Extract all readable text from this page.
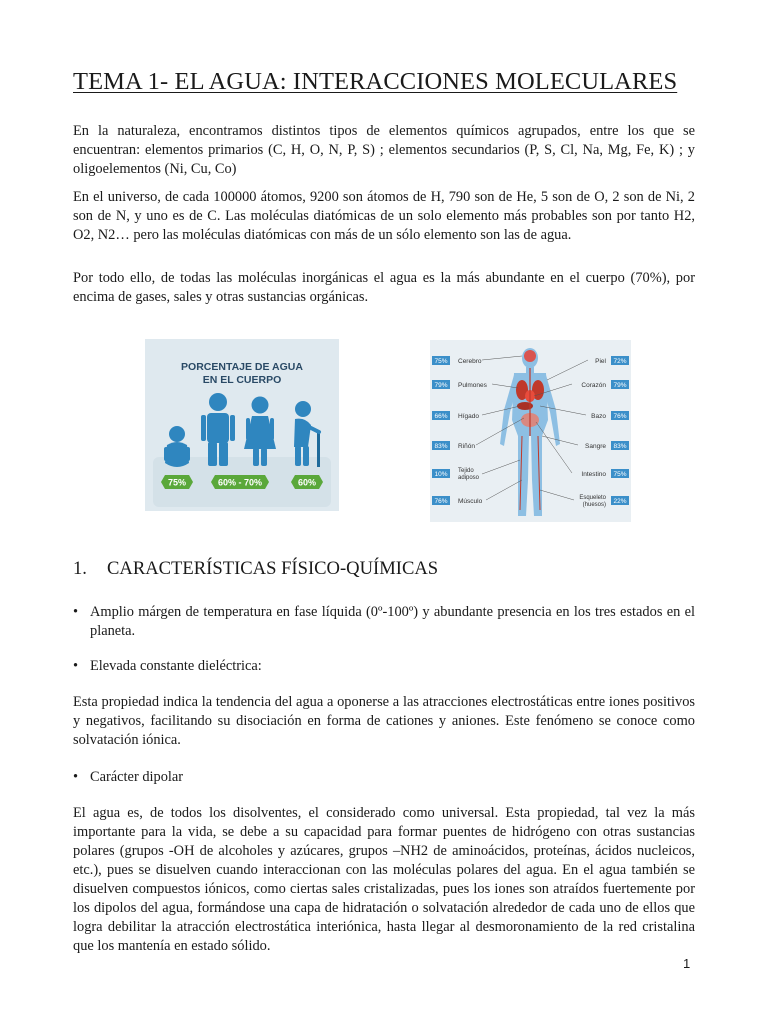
TEMA 1- EL AGUA: INTERACCIONES MOLECULARES

En la naturaleza, encontramos distintos tipos de elementos químicos agrupados, entre los que se encuentran: elementos primarios (C, H, O, N, P, S) ; elementos secundarios (P, S, Cl, Na, Mg, Fe, K) ; y oligoelementos (Ni, Cu, Co)

En el universo, de cada 100000 átomos, 9200 son átomos de H, 790 son de He, 5 son de O, 2 son de Ni, 2 son de N, y uno es de C. Las moléculas diatómicas de un solo elemento más probables son por tanto H2, O2, N2… pero las moléculas diatómicas con más de un sólo elemento son las de agua.

Por todo ello, de todas las moléculas inorgánicas el agua es la más abundante en el cuerpo (70%), por encima de gases, sales y otras sustancias orgánicas.

PORCENTAJE DE AGUA
EN EL CUERPO
75%	60% - 70%	60%
75% Cerebro
79% Pulmones
66% Hígado
83% Riñón
10% Tejido
adiposo
76% Músculo
72%
Piel
79%
Corazón
76%
Bazo
83%
Sangre
75%
Intestino
22%
Esqueleto
(huesos)
1. CARACTERÍSTICAS FÍSICO-QUÍMICAS
• Amplio márgen de temperatura en fase líquida (0º-100º) y abundante presencia en los tres estados en el planeta.
• Elevada constante dieléctrica:

Esta propiedad indica la tendencia del agua a oponerse a las atracciones electrostáticas entre iones positivos y negativos, facilitando su disociación en forma de cationes y aniones. Este fenómeno se conoce como solvatación iónica.

• Carácter dipolar

El agua es, de todos los disolventes, el considerado como universal. Esta propiedad, tal vez la más importante para la vida, se debe a su capacidad para formar puentes de hidrógeno con otras sustancias polares (grupos -OH de alcoholes y azúcares, grupos –NH2 de aminoácidos, proteínas, ácidos nucleicos, etc.), pues se disuelven cuando interaccionan con las moléculas polares del agua. En el agua también se disuelven compuestos iónicos, como ciertas sales cristalizadas, pues los iones son atraídos fuertemente por los dipolos del agua, formándose una capa de hidratación o solvatación alrededor de cada uno de ellos que logra debilitar la atracción electrostática interiónica, hasta llegar al desmoronamiento de la red cristalina que los mantenía en estado sólido.

1
